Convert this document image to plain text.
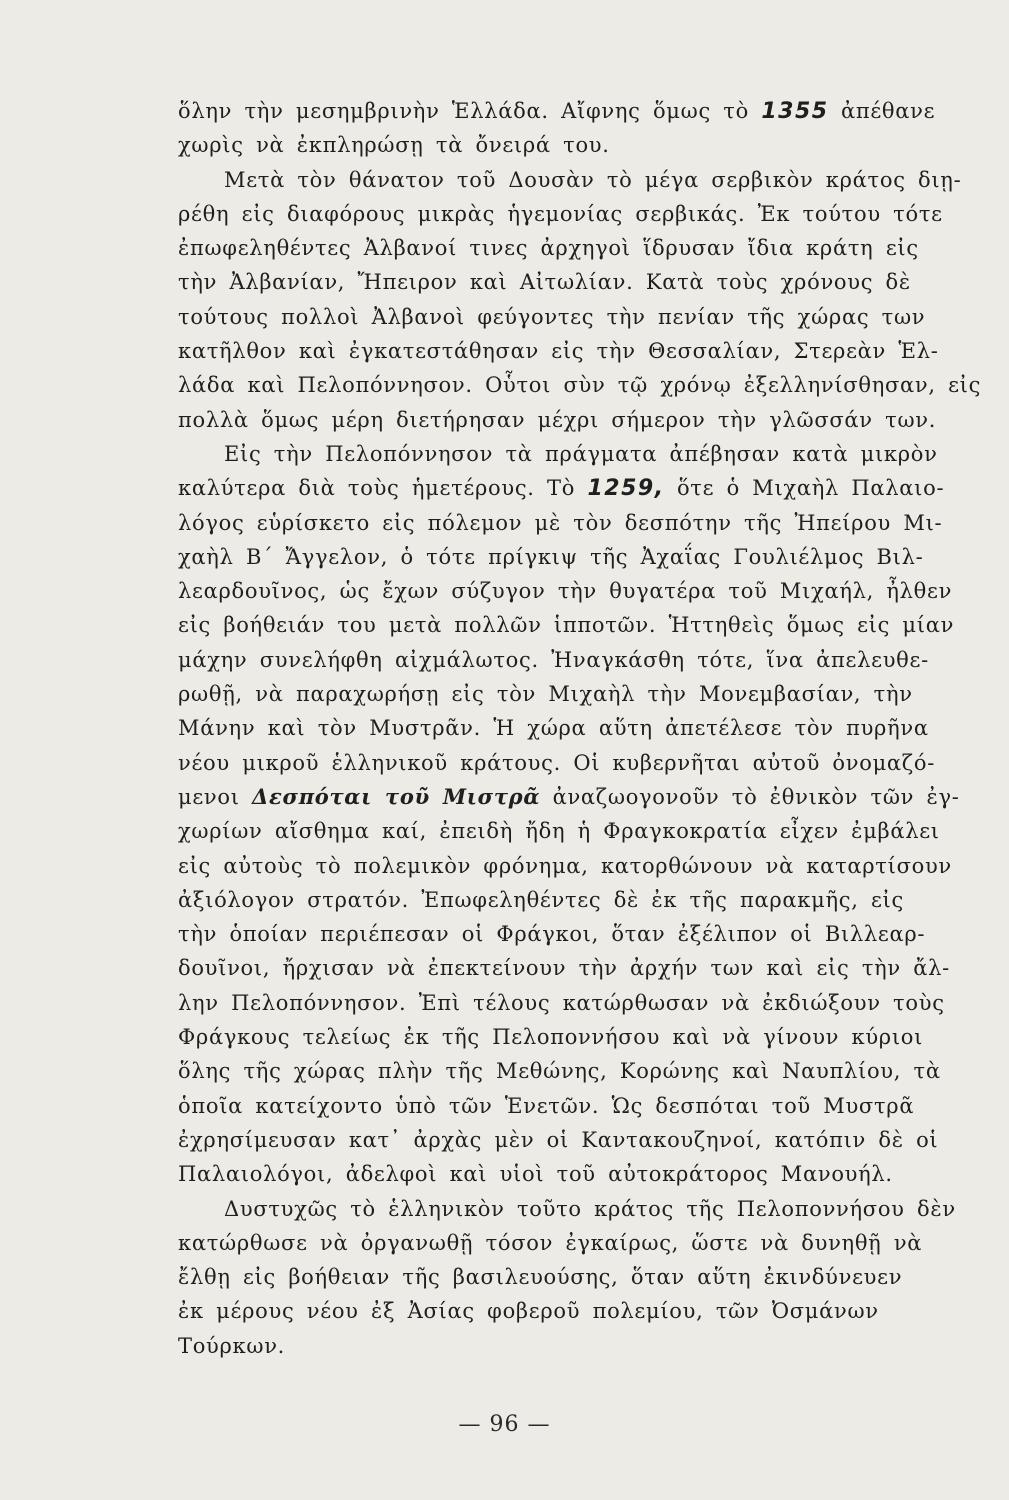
ὅλην τὴν μεσημβρινὴν Ἑλλάδα. Αἴφνης ὅμως τὸ 1355 ἀπέθανε
χωρὶς νὰ ἐκπληρώσῃ τὰ ὄνειρά του.
Μετὰ τὸν θάνατον τοῦ Δουσὰν τὸ μέγα σερβικὸν κράτος διῃ-
ρέθη εἰς διαφόρους μικρὰς ἡγεμονίας σερβικάς. Ἐκ τούτου τότε
ἐπωφεληθέντες Ἀλβανοί τινες ἀρχηγοὶ ἵδρυσαν ἴδια κράτη εἰς
τὴν Ἀλβανίαν, Ἤπειρον καὶ Αἰτωλίαν. Κατὰ τοὺς χρόνους δὲ
τούτους πολλοὶ Ἀλβανοὶ φεύγοντες τὴν πενίαν τῆς χώρας των
κατῆλθον καὶ ἐγκατεστάθησαν εἰς τὴν Θεσσαλίαν, Στερεὰν Ἑλ-
λάδα καὶ Πελοπόννησον. Οὗτοι σὺν τῷ χρόνῳ ἐξελληνίσθησαν, εἰς
πολλὰ ὅμως μέρη διετήρησαν μέχρι σήμερον τὴν γλῶσσάν των.
Εἰς τὴν Πελοπόννησον τὰ πράγματα ἀπέβησαν κατὰ μικρὸν
καλύτερα διὰ τοὺς ἡμετέρους. Τὸ 1259, ὅτε ὁ Μιχαὴλ Παλαιο-
λόγος εὑρίσκετο εἰς πόλεμον μὲ τὸν δεσπότην τῆς Ἠπείρου Μι-
χαὴλ Β΄ Ἄγγελον, ὁ τότε πρίγκιψ τῆς Ἀχαΐας Γουλιέλμος Βιλ-
λεαρδουῖνος, ὡς ἔχων σύζυγον τὴν θυγατέρα τοῦ Μιχαήλ, ἦλθεν
εἰς βοήθειάν του μετὰ πολλῶν ἱπποτῶν. Ἡττηθεὶς ὅμως εἰς μίαν
μάχην συνελήφθη αἰχμάλωτος. Ἠναγκάσθη τότε, ἵνα ἀπελευθε-
ρωθῇ, νὰ παραχωρήσῃ εἰς τὸν Μιχαὴλ τὴν Μονεμβασίαν, τὴν
Μάνην καὶ τὸν Μυστρᾶν. Ἡ χώρα αὕτη ἀπετέλεσε τὸν πυρῆνα
νέου μικροῦ ἑλληνικοῦ κράτους. Οἱ κυβερνῆται αὐτοῦ ὀνομαζό-
μενοι Δεσπόται τοῦ Μιστρᾶ ἀναζωογονοῦν τὸ ἐθνικὸν τῶν ἐγ-
χωρίων αἴσθημα καί, ἐπειδὴ ἤδη ἡ Φραγκοκρατία εἶχεν ἐμβάλει
εἰς αὐτοὺς τὸ πολεμικὸν φρόνημα, κατορθώνουν νὰ καταρτίσουν
ἀξιόλογον στρατόν. Ἐπωφεληθέντες δὲ ἐκ τῆς παρακμῆς, εἰς
τὴν ὁποίαν περιέπεσαν οἱ Φράγκοι, ὅταν ἐξέλιπον οἱ Βιλλεαρ-
δουῖνοι, ἤρχισαν νὰ ἐπεκτείνουν τὴν ἀρχήν των καὶ εἰς τὴν ἄλ-
λην Πελοπόννησον. Ἐπὶ τέλους κατώρθωσαν νὰ ἐκδιώξουν τοὺς
Φράγκους τελείως ἐκ τῆς Πελοποννήσου καὶ νὰ γίνουν κύριοι
ὅλης τῆς χώρας πλὴν τῆς Μεθώνης, Κορώνης καὶ Ναυπλίου, τὰ
ὁποῖα κατείχοντο ὑπὸ τῶν Ἑνετῶν. Ὡς δεσπόται τοῦ Μυστρᾶ
ἐχρησίμευσαν κατ᾽ ἀρχὰς μὲν οἱ Καντακουζηνοί, κατόπιν δὲ οἱ
Παλαιολόγοι, ἀδελφοὶ καὶ υἱοὶ τοῦ αὐτοκράτορος Μανουήλ.
Δυστυχῶς τὸ ἑλληνικὸν τοῦτο κράτος τῆς Πελοποννήσου δὲν
κατώρθωσε νὰ ὀργανωθῇ τόσον ἐγκαίρως, ὥστε νὰ δυνηθῇ νὰ
ἔλθῃ εἰς βοήθειαν τῆς βασιλευούσης, ὅταν αὕτη ἐκινδύνευεν
ἐκ μέρους νέου ἐξ Ἀσίας φοβεροῦ πολεμίου, τῶν Ὀσμάνων
Τούρκων.
— 96 —
